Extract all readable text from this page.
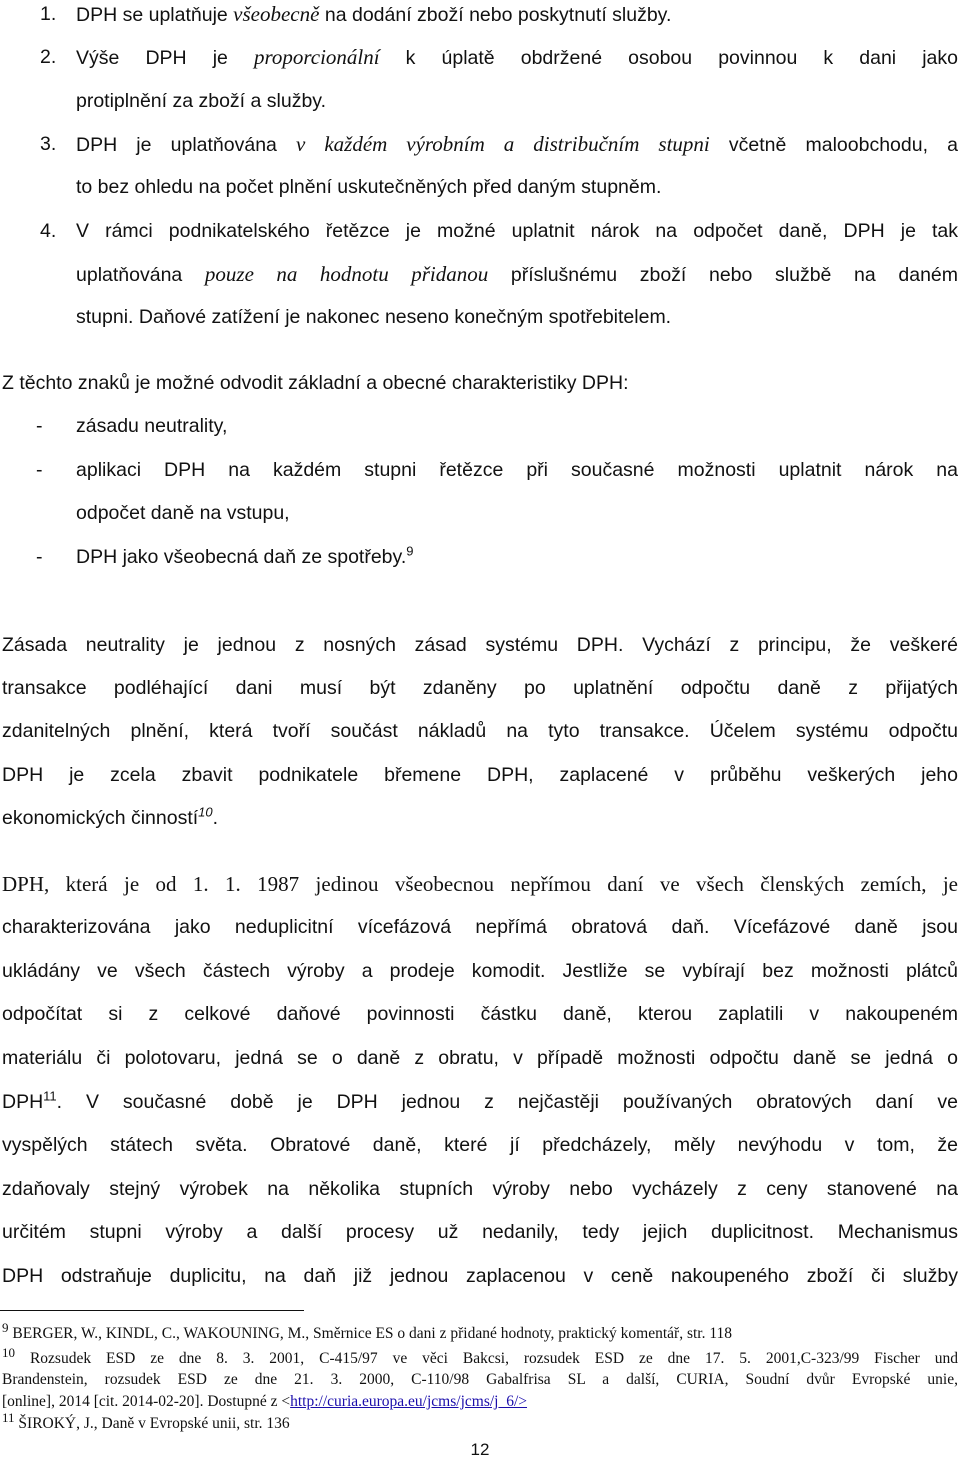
1. DPH se uplatňuje všeobecně na dodání zboží nebo poskytnutí služby.
2. Výše DPH je proporcionální k úplatě obdržené osobou povinnou k dani jako
protiplnění za zboží a služby.
3. DPH je uplatňována v každém výrobním a distribučním stupni včetně maloobchodu, a
to bez ohledu na počet plnění uskutečněných před daným stupněm.
4. V rámci podnikatelského řetězce je možné uplatnit nárok na odpočet daně, DPH je tak
uplatňována pouze na hodnotu přidanou příslušnému zboží nebo službě na daném
stupni. Daňové zatížení je nakonec neseno konečným spotřebitelem.
Z těchto znaků je možné odvodit základní a obecné charakteristiky DPH:
- zásadu neutrality,
- aplikaci DPH na každém stupni řetězce při současné možnosti uplatnit nárok na
odpočet daně na vstupu,
- DPH jako všeobecná daň ze spotřeby.$^9$
Zásada neutrality je jednou z nosných zásad systému DPH. Vychází z principu, že veškeré
transakce podléhající dani musí být zdaněny po uplatnění odpočtu daně z přijatých
zdanitelných plnění, která tvoří součást nákladů na tyto transakce. Účelem systému odpočtu
DPH je zcela zbavit podnikatele břemene DPH, zaplacené v průběhu veškerých jeho
ekonomických činností$^{10}$.
DPH, která je od 1. 1. 1987 jedinou všeobecnou nepřímou daní ve všech členských zemích, je
charakterizována jako neduplicitní vícefázová nepřímá obratová daň. Vícefázové daně jsou
ukládány ve všech částech výroby a prodeje komodit. Jestliže se vybírají bez možnosti plátců
odpočítat si z celkové daňové povinnosti částku daně, kterou zaplatili v nakoupeném
materiálu či polotovaru, jedná se o daně z obratu, v případě možnosti odpočtu daně se jedná o
DPH$^{11}$. V současné době je DPH jednou z nejčastěji používaných obratových daní ve
vyspělých státech světa. Obratové daně, které jí předcházely, měly nevýhodu v tom, že
zdaňovaly stejný výrobek na několika stupních výroby nebo vycházely z ceny stanovené na
určitém stupni výroby a další procesy už nedanily, tedy jejich duplicitnost. Mechanismus
DPH odstraňuje duplicitu, na daň již jednou zaplacenou v ceně nakoupeného zboží či služby
$^9$ BERGER, W., KINDL, C., WAKOUNING, M., Směrnice ES o dani z přidané hodnoty, praktický komentář, str. 118
$^{10}$ Rozsudek ESD ze dne 8. 3. 2001, C-415/97 ve věci Bakcsi, rozsudek ESD ze dne 17. 5. 2001,C-323/99 Fischer und
Brandenstein, rozsudek ESD ze dne 21. 3. 2000, C-110/98 Gabalfrisa SL a další, CURIA, Soudní dvůr Evropské unie,
[online], 2014 [cit. 2014-02-20]. Dostupné z <http://curia.europa.eu/jcms/jcms/j_6/>
$^{11}$ ŠIROKÝ, J., Daně v Evropské unii, str. 136
12
